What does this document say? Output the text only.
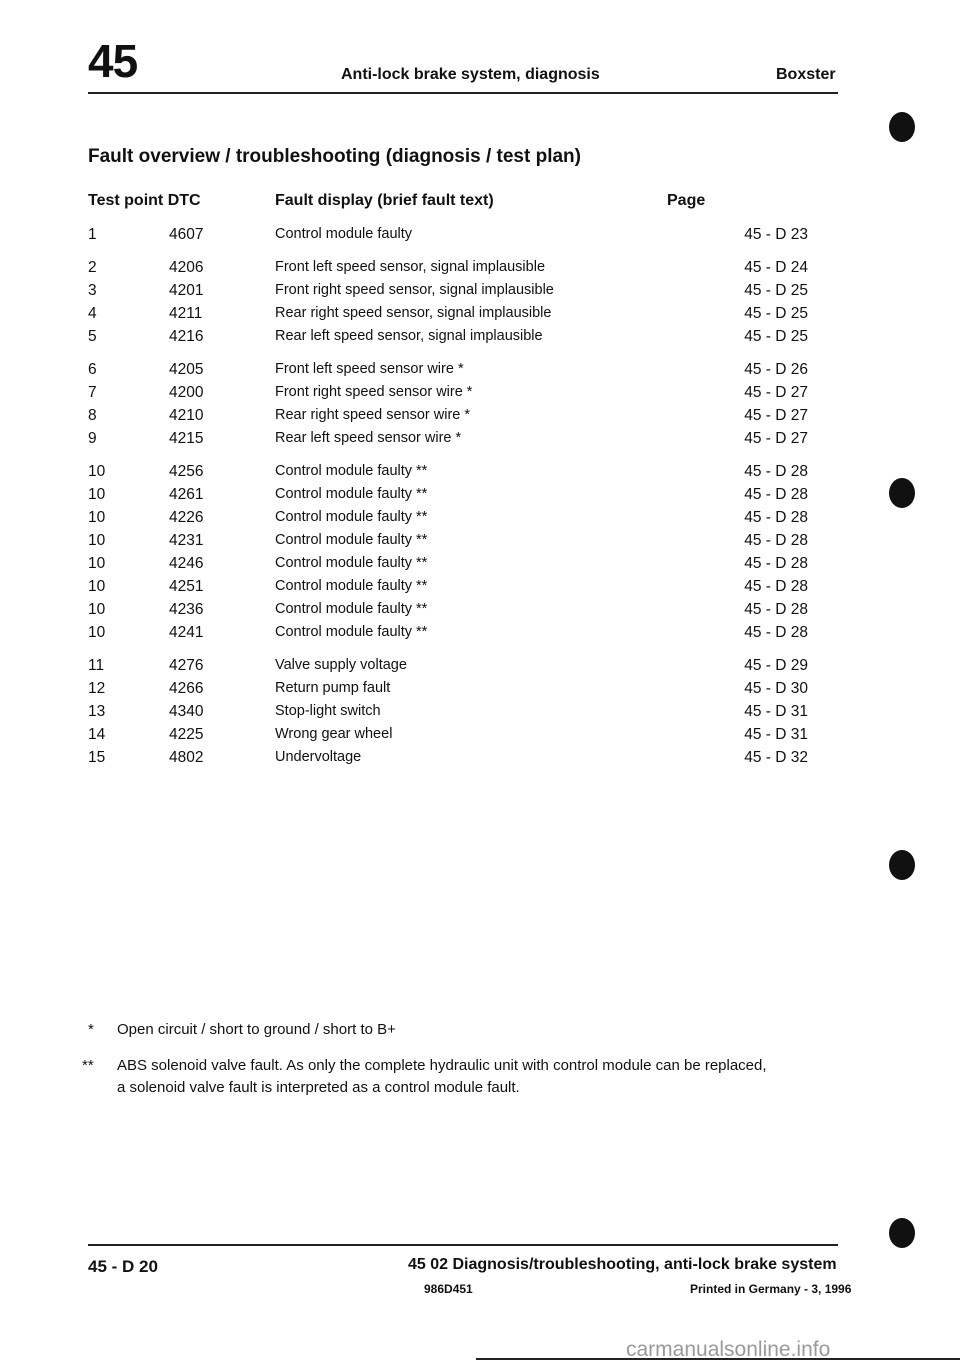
45	Anti-lock brake system, diagnosis	Boxster
Fault overview / troubleshooting (diagnosis / test plan)
Test point DTC	Fault display (brief fault text)	Page
1	4607	Control module faulty	45 - D 23
2	4206	Front left speed sensor, signal implausible	45 - D 24
3	4201	Front right speed sensor, signal implausible	45 - D 25
4	4211	Rear right speed sensor, signal implausible	45 - D 25
5	4216	Rear left speed sensor, signal implausible	45 - D 25
6	4205	Front left speed sensor wire *	45 - D 26
7	4200	Front right speed sensor wire *	45 - D 27
8	4210	Rear right speed sensor wire *	45 - D 27
9	4215	Rear left speed sensor wire *	45 - D 27
10	4256	Control module faulty **	45 - D 28
10	4261	Control module faulty **	45 - D 28
10	4226	Control module faulty **	45 - D 28
10	4231	Control module faulty **	45 - D 28
10	4246	Control module faulty **	45 - D 28
10	4251	Control module faulty **	45 - D 28
10	4236	Control module faulty **	45 - D 28
10	4241	Control module faulty **	45 - D 28
11	4276	Valve supply voltage	45 - D 29
12	4266	Return pump fault	45 - D 30
13	4340	Stop-light switch	45 - D 31
14	4225	Wrong gear wheel	45 - D 31
15	4802	Undervoltage	45 - D 32
* Open circuit / short to ground / short to B+
** ABS solenoid valve fault. As only the complete hydraulic unit with control module can be replaced,
a solenoid valve fault is interpreted as a control module fault.
45 - D 20	45 02 Diagnosis/troubleshooting, anti-lock brake system
986D451	Printed in Germany - 3, 1996
carmanualsonline.info
